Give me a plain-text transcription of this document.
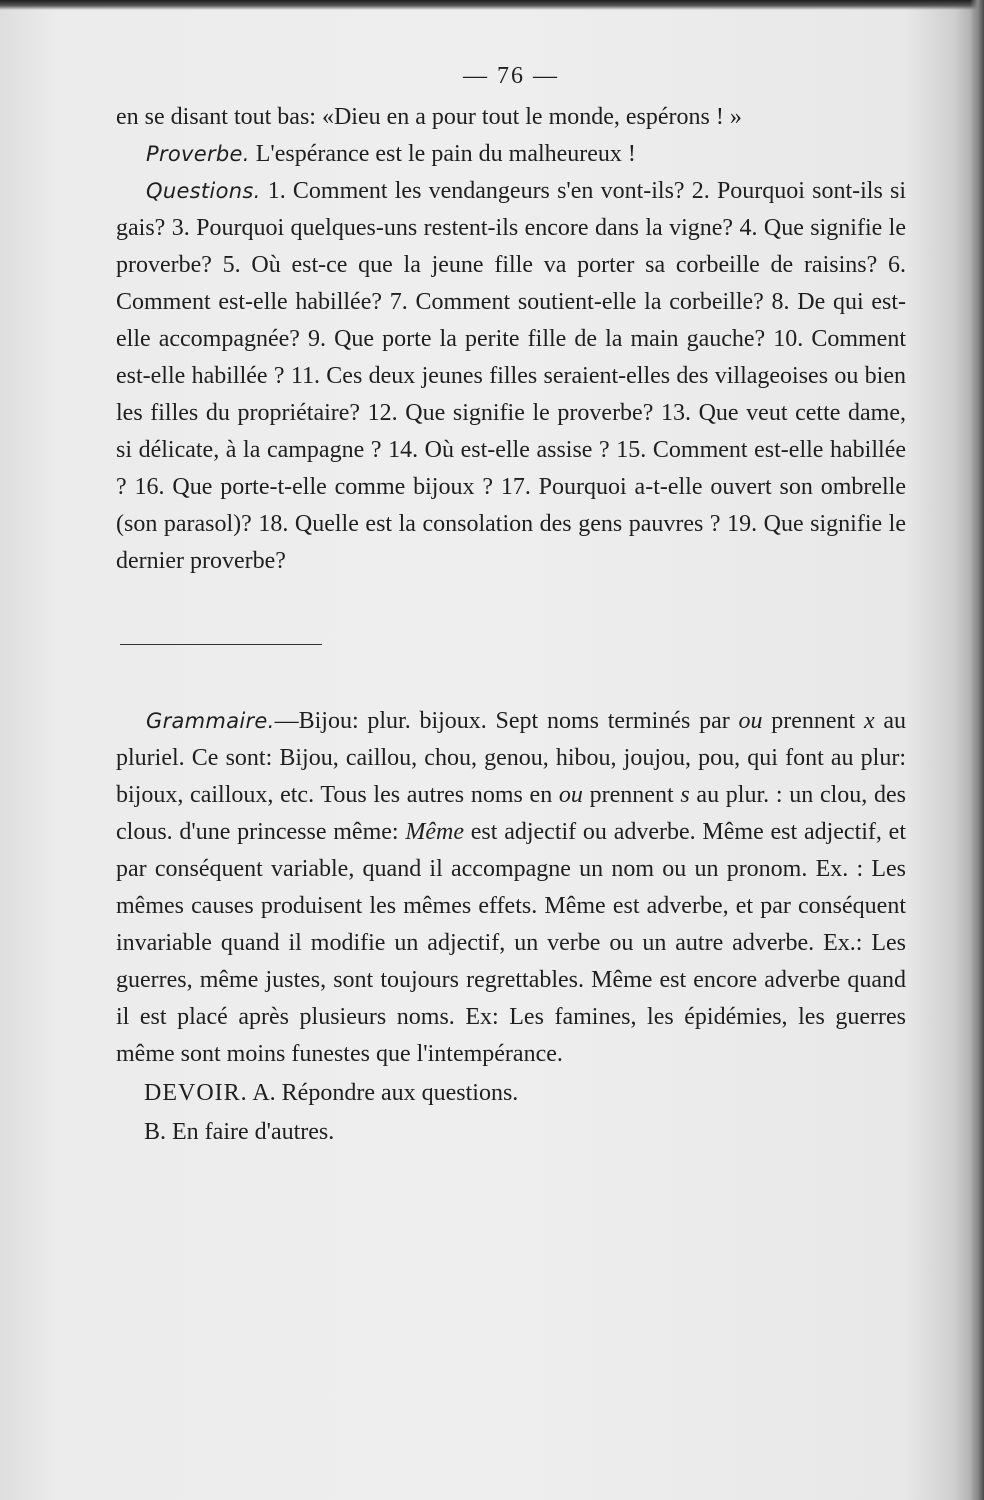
— 76 —

en se disant tout bas: «Dieu en a pour tout le monde, espérons ! »

Proverbe. L'espérance est le pain du malheureux !

Questions. 1. Comment les vendangeurs s'en vont-ils? 2. Pourquoi sont-ils si gais? 3. Pourquoi quelques-uns restent-ils encore dans la vigne? 4. Que signifie le proverbe? 5. Où est-ce que la jeune fille va porter sa corbeille de raisins? 6. Comment est-elle habillée? 7. Comment soutient-elle la corbeille? 8. De qui est-elle accompagnée? 9. Que porte la perite fille de la main gauche? 10. Comment est-elle habillée ? 11. Ces deux jeunes filles seraient-elles des villageoises ou bien les filles du propriétaire? 12. Que signifie le proverbe? 13. Que veut cette dame, si délicate, à la campagne ? 14. Où est-elle assise ? 15. Comment est-elle habillée ? 16. Que porte-t-elle comme bijoux ? 17. Pourquoi a-t-elle ouvert son ombrelle (son parasol)? 18. Quelle est la consolation des gens pauvres ? 19. Que signifie le dernier proverbe?

Grammaire.—Bijou: plur. bijoux. Sept noms terminés par ou prennent x au pluriel. Ce sont: Bijou, caillou, chou, genou, hibou, joujou, pou, qui font au plur: bijoux, cailloux, etc. Tous les autres noms en ou prennent s au plur. : un clou, des clous. d'une princesse même: Même est adjectif ou adverbe. Même est adjectif, et par conséquent variable, quand il accompagne un nom ou un pronom. Ex. : Les mêmes causes produisent les mêmes effets. Même est adverbe, et par conséquent invariable quand il modifie un adjectif, un verbe ou un autre adverbe. Ex.: Les guerres, même justes, sont toujours regrettables. Même est encore adverbe quand il est placé après plusieurs noms. Ex: Les famines, les épidémies, les guerres même sont moins funestes que l'intempérance.

DEVOIR. A. Répondre aux questions.

B. En faire d'autres.
